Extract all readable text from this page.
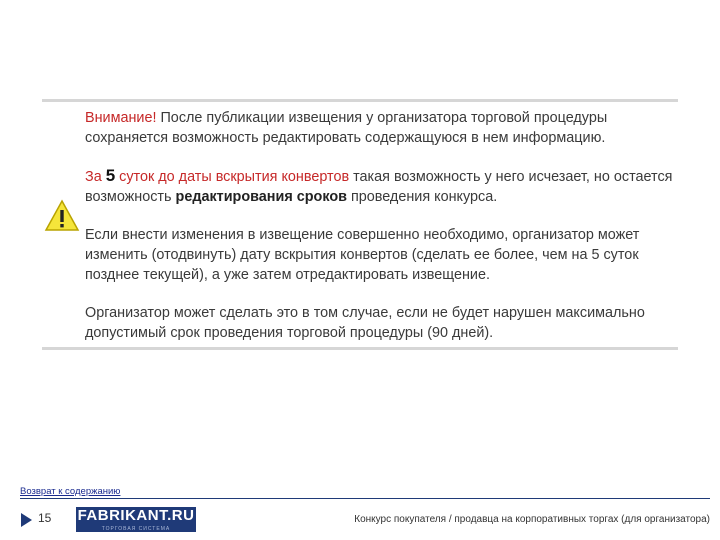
Внимание! После публикации извещения у организатора торговой процедуры сохраняется возможность редактировать содержащуюся в нем информацию.

За 5 суток до даты вскрытия конвертов такая возможность у него исчезает, но остается возможность редактирования сроков проведения конкурса.

Если внести изменения в извещение совершенно необходимо, организатор может изменить (отодвинуть) дату вскрытия конвертов (сделать ее более, чем на 5 суток позднее текущей), а уже затем отредактировать извещение.

Организатор может сделать это в том случае, если не будет нарушен максимально допустимый срок проведения торговой процедуры (90 дней).

Возврат к содержанию
15 FABRIKANT.RU
ТОРГОВАЯ СИСТЕМА
Конкурс покупателя / продавца на корпоративных торгах (для организатора)
